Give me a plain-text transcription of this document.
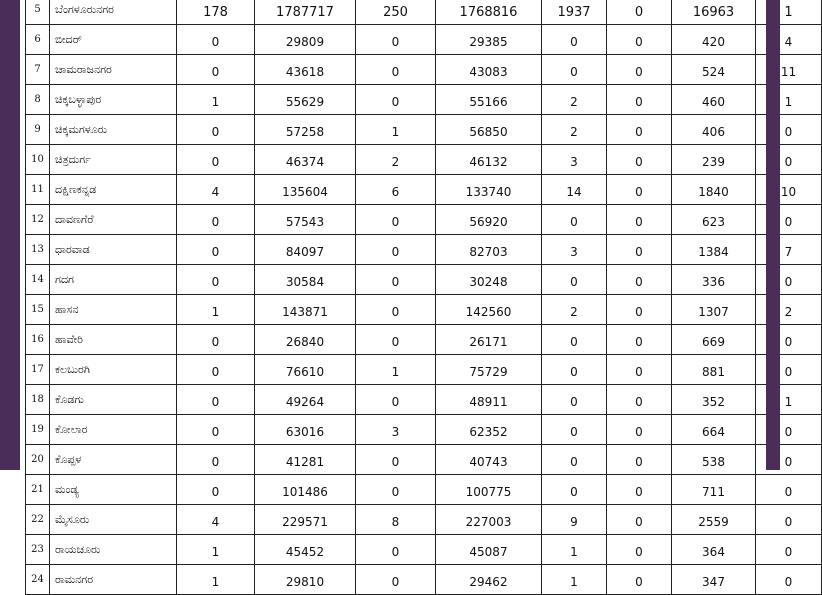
5	ಬೆಂಗಳೂರುನಗರ	178	1787717	250	1768816	1937	0	16963	1
6	ಬೀದರ್	0	29809	0	29385	0	0	420	4
7	ಚಾಮರಾಜನಗರ	0	43618	0	43083	0	0	524	11
8	ಚಿಕ್ಕಬಳ್ಳಾಪುರ	1	55629	0	55166	2	0	460	1
9	ಚಿಕ್ಕಮಗಳೂರು	0	57258	1	56850	2	0	406	0
10	ಚಿತ್ರದುರ್ಗ	0	46374	2	46132	3	0	239	0
11	ದಕ್ಷಿಣಕನ್ನಡ	4	135604	6	133740	14	0	1840	10
12	ದಾವಣಗೆರೆ	0	57543	0	56920	0	0	623	0
13	ಧಾರವಾಡ	0	84097	0	82703	3	0	1384	7
14	ಗದಗ	0	30584	0	30248	0	0	336	0
15	ಹಾಸನ	1	143871	0	142560	2	0	1307	2
16	ಹಾವೇರಿ	0	26840	0	26171	0	0	669	0
17	ಕಲಬುರಗಿ	0	76610	1	75729	0	0	881	0
18	ಕೊಡಗು	0	49264	0	48911	0	0	352	1
19	ಕೋಲಾರ	0	63016	3	62352	0	0	664	0
20	ಕೊಪ್ಪಳ	0	41281	0	40743	0	0	538	0
21	ಮಂಡ್ಯ	0	101486	0	100775	0	0	711	0
22	ಮೈಸೂರು	4	229571	8	227003	9	0	2559	0
23	ರಾಯಚೂರು	1	45452	0	45087	1	0	364	0
24	ರಾಮನಗರ	1	29810	0	29462	1	0	347	0
